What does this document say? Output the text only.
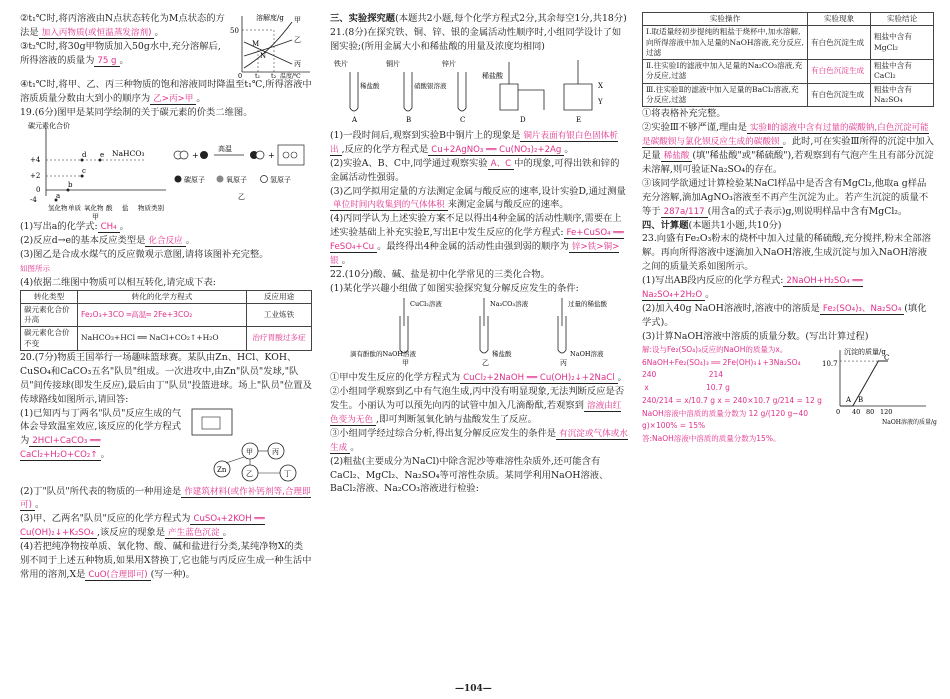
②t₁℃时,将丙溶液由N点状态转化为M点状态的方法是 加入丙物质(或恒温蒸发溶剂) 。

③t₂℃时,将30g甲物质加入50g水中,充分溶解后,所得溶液的质量为 75 g 。

溶解度/g
50
甲
乙
丙
M
N
0 t₁ t₂ 温度/℃

④t₁℃时,将甲、乙、丙三种物质的饱和溶液同时降温至t₁℃,所得溶液中溶质质量分数由大到小的顺序为 乙>丙>甲 。

19.(6分)图甲是某同学绘制的关于碳元素的价类二维图。

碳元素化合价
+4
+2
0
-4
NaHCO₃
a
b
c
d e
氢化物 单质 氧化物 酸 盐 物质类别
甲
+
高温
+
碳原子	氧原子	氢原子
乙

(1)写出a的化学式: CH₄ 。

(2)反应d→e的基本反应类型是 化合反应 。

(3)图乙是合成水煤气的反应微观示意图,请将该图补充完整。
如图所示

(4)依据二维图中物质可以相互转化,请完成下表:

转化类型	转化的化学方程式	反应用途
碳元素化合价升高	Fe₂O₃+3CO ═高温═ 2Fe+3CO₂	工业炼铁
碳元素化合价不变	NaHCO₃+HCl ══ NaCl+CO₂↑+H₂O	治疗胃酸过多症

20.(7分)物质王国举行一场趣味篮球赛。某队由Zn、HCl、KOH、CuSO₄和CaCO₃五名"队员"组成。一次进攻中,由Zn"队员"发球,"队员"间传接球(即发生反应),最后由丁"队员"投篮进球。场上"队员"位置及传球路线如图所示,请回答:

(1)已知丙与丁两名"队员"反应生成的气体会导致温室效应,该反应的化学方程式为 2HCl+CaCO₃ ══ CaCl₂+H₂O+CO₂↑ 。

Zn
甲	丙
乙	丁

(2)丁"队员"所代表的物质的一种用途是 作建筑材料(或作补钙剂等,合理即可) 。

(3)甲、乙两名"队员"反应的化学方程式为 CuSO₄+2KOH ══ Cu(OH)₂↓+K₂SO₄ ,该反应的现象是 产生蓝色沉淀 。

(4)若把纯净物按单质、氧化物、酸、碱和盐进行分类,某纯净物X的类别不同于上述五种物质,如果用X替换丁,它也能与丙反应生成一种生活中常用的溶剂,X是 CuO(合理即可) (写一种)。

三、实验探究题(本题共2小题,每个化学方程式2分,其余每空1分,共18分)

21.(8分)在探究铁、铜、锌、银的金属活动性顺序时,小组同学设计了如图实验;(所用金属大小和稀盐酸的用量及浓度均相同)

铁片	铜片	锌片
稀盐酸
硝酸银溶液
稀盐酸	X
Y
A	B	C	D	E

(1)一段时间后,观察到实验B中铜片上的现象是 铜片表面有银白色固体析出 ,反应的化学方程式是 Cu+2AgNO₃ ══ Cu(NO₃)₂+2Ag 。

(2)实验A、B、C中,同学通过观察实验 A、C 中的现象,可得出铁和锌的金属活动性强弱。

(3)乙同学拟用定量的方法测定金属与酸反应的速率,设计实验D,通过测量单位时间内收集到的气体体积 来测定金属与酸反应的速率。

(4)丙同学认为上述实验方案不足以得出4种金属的活动性顺序,需要在上述实验基础上补充实验E,写出E中发生反应的化学方程式: Fe+CuSO₄ ══ FeSO₄+Cu 。最终得出4种金属的活动性由强到弱的顺序为 锌>铁>铜>银 。

22.(10分)酸、碱、盐是初中化学常见的三类化合物。

(1)某化学兴趣小组做了如图实验探究复分解反应发生的条件:

CuCl₂溶液	Na₂CO₃溶液	过量的稀盐酸
滴有酚酞的NaOH溶液	稀盐酸	NaOH溶液
甲	乙	丙

①甲中发生反应的化学方程式为 CuCl₂+2NaOH ══ Cu(OH)₂↓+2NaCl 。

②小组同学观察到乙中有气泡生成,丙中没有明显现象,无法判断反应是否发生。小丽认为可以预先向丙的试管中加入几滴酚酞,若观察到 溶液由红色变为无色 ,即可判断氢氧化钠与盐酸发生了反应。

③小组同学经过综合分析,得出复分解反应发生的条件是 有沉淀或气体或水生成 。

(2)粗盐(主要成分为NaCl)中除含泥沙等难溶性杂质外,还可能含有CaCl₂、MgCl₂、Na₂SO₄等可溶性杂质。某同学利用NaOH溶液、BaCl₂溶液、Na₂CO₃溶液进行检验:

实验操作	实验现象	实验结论
Ⅰ.取适量经初步提纯的粗盐于烧杯中,加水溶解,向所得溶液中加入足量的NaOH溶液,充分反应,过滤	有白色沉淀生成	粗盐中含有MgCl₂
Ⅱ.往实验Ⅰ的滤液中加入足量的Na₂CO₃溶液,充分反应,过滤	有白色沉淀生成	粗盐中含有CaCl₂
Ⅲ.往实验Ⅱ的滤液中加入足量的BaCl₂溶液,充分反应,过滤	有白色沉淀生成	粗盐中含有Na₂SO₄

①将表格补充完整。

②实验Ⅲ不够严谨,理由是 实验Ⅱ的滤液中含有过量的碳酸钠,白色沉淀可能是碳酸钡与氯化钡反应生成的碳酸钡 。此时,可在实验Ⅲ所得的沉淀中加入足量 稀盐酸 (填"稀盐酸"或"稀硫酸"),若观察到有气泡产生且有部分沉淀未溶解,则可验证Na₂SO₄的存在。

③该同学欲通过计算检验某NaCl样品中是否含有MgCl₂,他取a g样品充分溶解,滴加AgNO₃溶液至不再产生沉淀为止。若产生沉淀的质量不等于 287a/117 (用含a的式子表示)g,则说明样品中含有MgCl₂。

四、计算题(本题共1小题,共10分)

23.向盛有Fe₂O₃粉末的烧杯中加入过量的稀硫酸,充分搅拌,粉末全部溶解。再向所得溶液中逐滴加入NaOH溶液,生成沉淀与加入NaOH溶液之间的质量关系如图所示。

(1)写出AB段内反应的化学方程式: 2NaOH+H₂SO₄ ══ Na₂SO₄+2H₂O 。

(2)加入40g NaOH溶液时,溶液中的溶质是 Fe₂(SO₄)₃、Na₂SO₄ (填化学式)。

(3)计算NaOH溶液中溶质的质量分数。(写出计算过程)

解:设与Fe₂(SO₄)₃反应的NaOH的质量为x。
6NaOH+Fe₂(SO₄)₃ ══ 2Fe(OH)₃↓+3Na₂SO₄
240                      214
x                        10.7 g
240/214 = x/10.7 g x = 240×10.7 g/214 = 12 g
NaOH溶液中溶质的质量分数为 12 g/(120 g−40 g)×100% = 15%
答:NaOH溶液中溶质的质量分数为15%。
沉淀的质量/g
10.7
0 40 80 120
NaOH溶液的质量/g
A B
C
—104—
